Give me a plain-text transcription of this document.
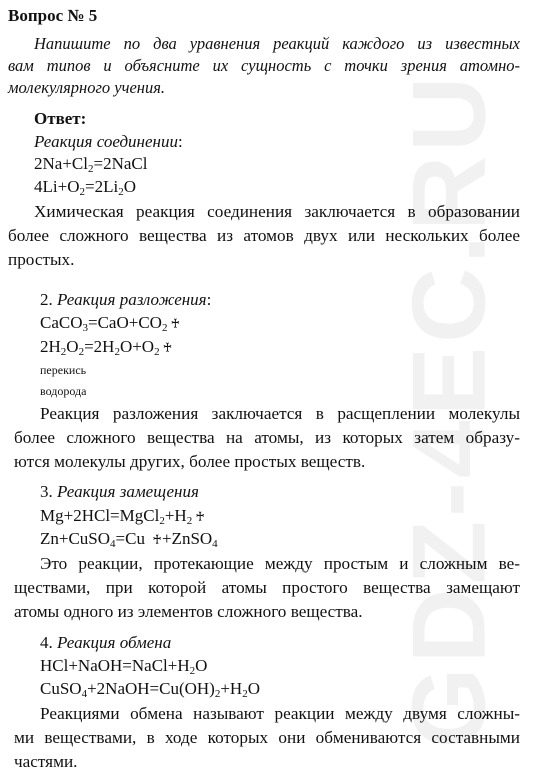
GDZ-4EC.RU
Вопрос № 5
Напишите по два уравнения реакций каждого из известных
вам типов и объясните их сущность с точки зрения атомно-
молекулярного учения.
Ответ:
Реакция соединении:
$2Na+Cl_2=2NaCl$
$4Li+O_2=2Li_2O$
Химическая реакция соединения заключается в образовании
более сложного вещества из атомов двух или нескольких более
простых.
2. Реакция разложения:
$CaCO_3=CaO+CO_2$ ♰
$2H_2O_2=2H_2O+O_2$ ♰
перекись
водорода
Реакция разложения заключается в расщеплении молекулы
более сложного вещества на атомы, из которых затем образу-
ются молекулы других, более простых веществ.
3. Реакция замещения
$Mg+2HCl=MgCl_2+H_2$ ♰
Zn+CuSO$_4$=Cu ♰+ZnSO$_4$
Это реакции, протекающие между простым и сложным ве-
ществами, при которой атомы простого вещества замещают
атомы одного из элементов сложного вещества.
4. Реакция обмена
$HCl+NaOH=NaCl+H_2O$
$CuSO_4+2NaOH=Cu(OH)_2+H_2O$
Реакциями обмена называют реакции между двумя сложны-
ми веществами, в ходе которых они обмениваются составными
частями.
